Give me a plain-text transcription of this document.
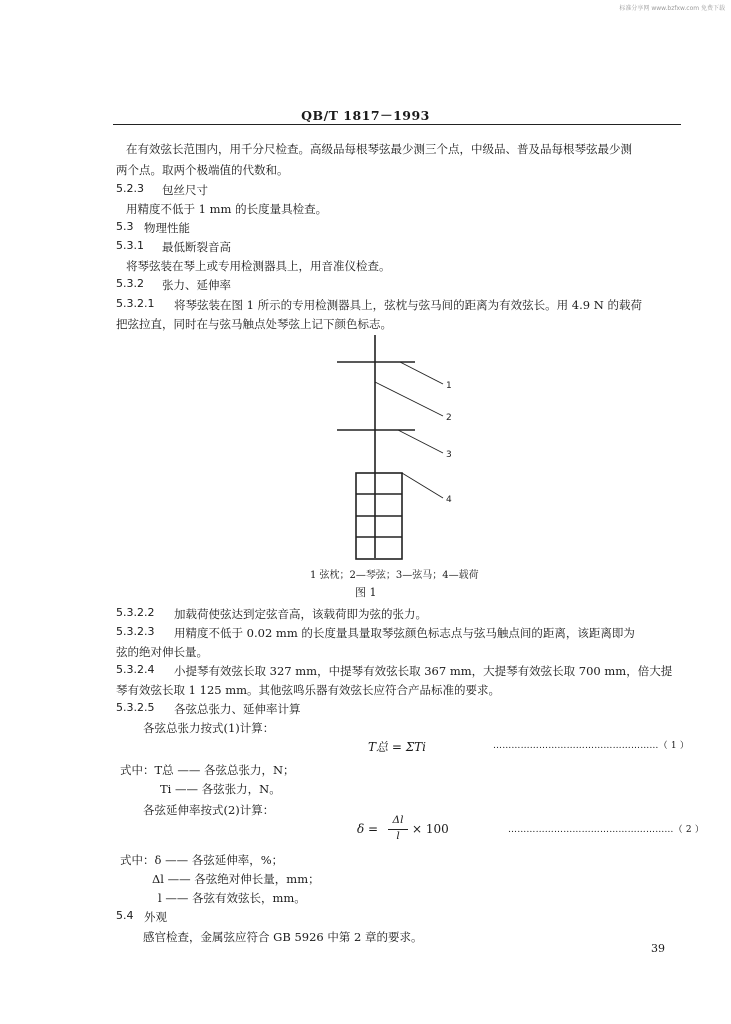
标准分享网 www.bzfxw.com 免费下载
QB/T 1817－1993
在有效弦长范围内，用千分尺检查。高级品每根琴弦最少测三个点，中级品、普及品每根琴弦最少测
两个点。取两个极端值的代数和。
5.2.3 包丝尺寸
用精度不低于 1 mm 的长度量具检查。
5.3 物理性能
5.3.1 最低断裂音高
将琴弦装在琴上或专用检测器具上，用音准仪检查。
5.3.2 张力、延伸率
5.3.2.1 将琴弦装在图 1 所示的专用检测器具上，弦枕与弦马间的距离为有效弦长。用 4.9 N 的载荷
把弦拉直，同时在与弦马触点处琴弦上记下颜色标志。
1
2
3
4
1 弦枕；2—琴弦；3—弦马；4—载荷
图 1
5.3.2.2 加载荷使弦达到定弦音高，该载荷即为弦的张力。
5.3.2.3 用精度不低于 0.02 mm 的长度量具量取琴弦颜色标志点与弦马触点间的距离，该距离即为
弦的绝对伸长量。
5.3.2.4 小提琴有效弦长取 327 mm，中提琴有效弦长取 367 mm，大提琴有效弦长取 700 mm，倍大提
琴有效弦长取 1 125 mm。其他弦鸣乐器有效弦长应符合产品标准的要求。
5.3.2.5 各弦总张力、延伸率计算
各弦总张力按式(1)计算：
T总 = ΣTi	………………………………………………（ 1 ）
式中：T总 —— 各弦总张力，N；
Ti —— 各弦张力，N。
各弦延伸率按式(2)计算：
δ =
Δl
l	× 100	………………………………………………（ 2 ）
式中：δ —— 各弦延伸率，%；
Δl —— 各弦绝对伸长量，mm；
l —— 各弦有效弦长，mm。
5.4 外观
感官检查，金属弦应符合 GB 5926 中第 2 章的要求。
39
